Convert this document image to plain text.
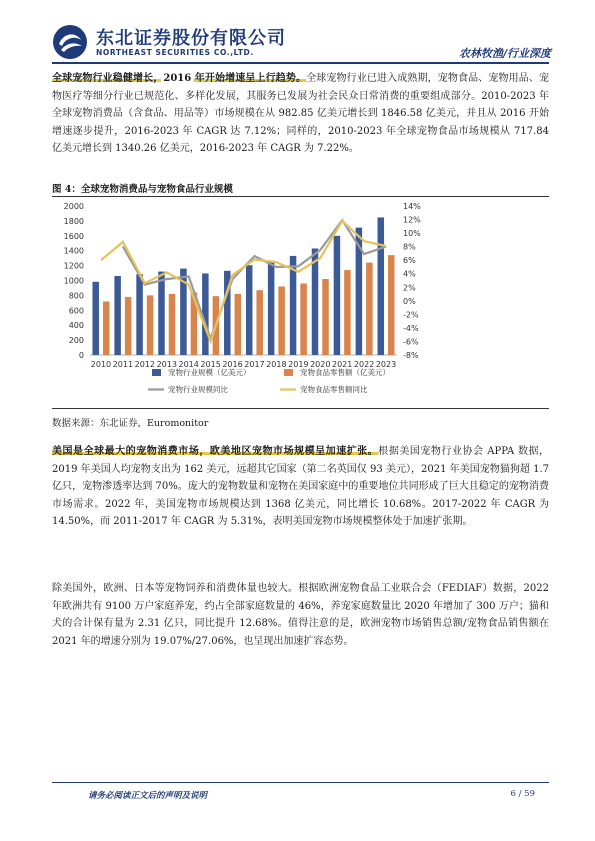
东北证券股份有限公司
NORTHEAST SECURITIES CO.,LTD.	农林牧渔/行业深度
全球宠物行业稳健增长，2016 年开始增速呈上行趋势。全球宠物行业已进入成熟期，宠物食品、宠物用品、宠物医疗等细分行业已规范化、多样化发展，其服务已发展为社会民众日常消费的重要组成部分。2010-2023 年全球宠物消费品（含食品、用品等）市场规模在从 982.85 亿美元增长到 1846.58 亿美元，并且从 2016 开始增速逐步提升，2016-2023 年 CAGR 达 7.12%；同样的，2010-2023 年全球宠物食品市场规模从 717.84 亿美元增长到 1340.26 亿美元，2016-2023 年 CAGR 为 7.22%。
图 4：全球宠物消费品与宠物食品行业规模
0
200
400
600
800
1000
1200
1400
1600
1800
2000
-8%
-6%
-4%
-2%
0%
2%
4%
6%
8%
10%
12%
14%
2010 2011 2012 2013 2014 2015 2016 2017 2018 2019 2020 2021 2022 2023
宠物行业规模（亿美元）	宠物食品零售额（亿美元）
宠物行业规模同比	宠物食品零售额同比
数据来源：东北证券，Euromonitor
美国是全球最大的宠物消费市场，欧美地区宠物市场规模呈加速扩张。根据美国宠物行业协会 APPA 数据，2019 年美国人均宠物支出为 162 美元，远超其它国家（第二名英国仅 93 美元），2021 年美国宠物猫狗超 1.7 亿只，宠物渗透率达到 70%。庞大的宠物数量和宠物在美国家庭中的重要地位共同形成了巨大且稳定的宠物消费市场需求。2022 年，美国宠物市场规模达到 1368 亿美元，同比增长 10.68%。2017-2022 年 CAGR 为 14.50%，而 2011-2017 年 CAGR 为 5.31%，表明美国宠物市场规模整体处于加速扩张期。
除美国外，欧洲、日本等宠物饲养和消费体量也较大。根据欧洲宠物食品工业联合会（FEDIAF）数据，2022 年欧洲共有 9100 万户家庭养宠，约占全部家庭数量的 46%，养宠家庭数量比 2020 年增加了 300 万户；猫和犬的合计保有量为 2.31 亿只，同比提升 12.68%。值得注意的是，欧洲宠物市场销售总额/宠物食品销售额在 2021 年的增速分别为 19.07%/27.06%，也呈现出加速扩容态势。
请务必阅读正文后的声明及说明	6 / 59
